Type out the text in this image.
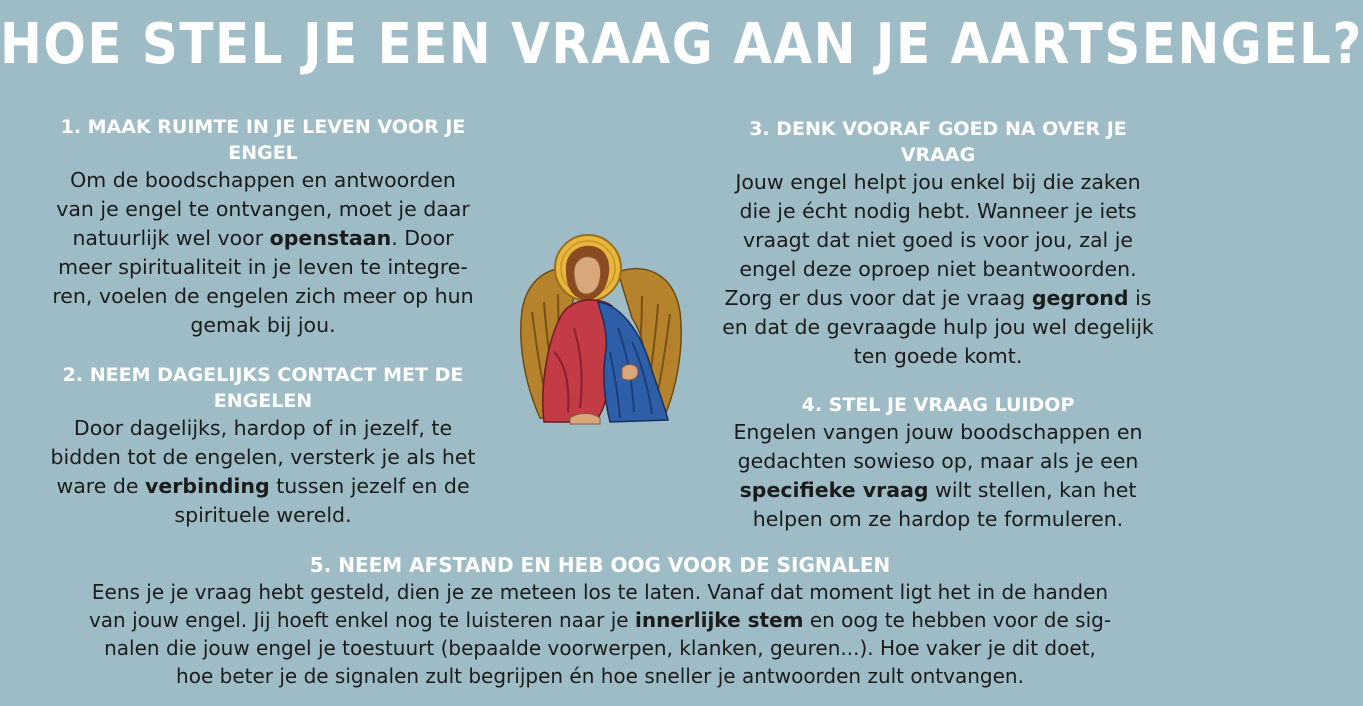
HOE STEL JE EEN VRAAG AAN JE AARTSENGEL?
1. MAAK RUIMTE IN JE LEVEN VOOR JE
ENGEL
Om de boodschappen en antwoorden
van je engel te ontvangen, moet je daar
natuurlijk wel voor openstaan. Door
meer spiritualiteit in je leven te integre-
ren, voelen de engelen zich meer op hun
gemak bij jou.
2. NEEM DAGELIJKS CONTACT MET DE
ENGELEN
Door dagelijks, hardop of in jezelf, te
bidden tot de engelen, versterk je als het
ware de verbinding tussen jezelf en de
spirituele wereld.
3. DENK VOORAF GOED NA OVER JE
VRAAG
Jouw engel helpt jou enkel bij die zaken
die je écht nodig hebt. Wanneer je iets
vraagt dat niet goed is voor jou, zal je
engel deze oproep niet beantwoorden.
Zorg er dus voor dat je vraag gegrond is
en dat de gevraagde hulp jou wel degelijk
ten goede komt.
4. STEL JE VRAAG LUIDOP
Engelen vangen jouw boodschappen en
gedachten sowieso op, maar als je een
specifieke vraag wilt stellen, kan het
helpen om ze hardop te formuleren.
5. NEEM AFSTAND EN HEB OOG VOOR DE SIGNALEN
Eens je je vraag hebt gesteld, dien je ze meteen los te laten. Vanaf dat moment ligt het in de handen
van jouw engel. Jij hoeft enkel nog te luisteren naar je innerlijke stem en oog te hebben voor de sig-
nalen die jouw engel je toestuurt (bepaalde voorwerpen, klanken, geuren...). Hoe vaker je dit doet,
hoe beter je de signalen zult begrijpen én hoe sneller je antwoorden zult ontvangen.
